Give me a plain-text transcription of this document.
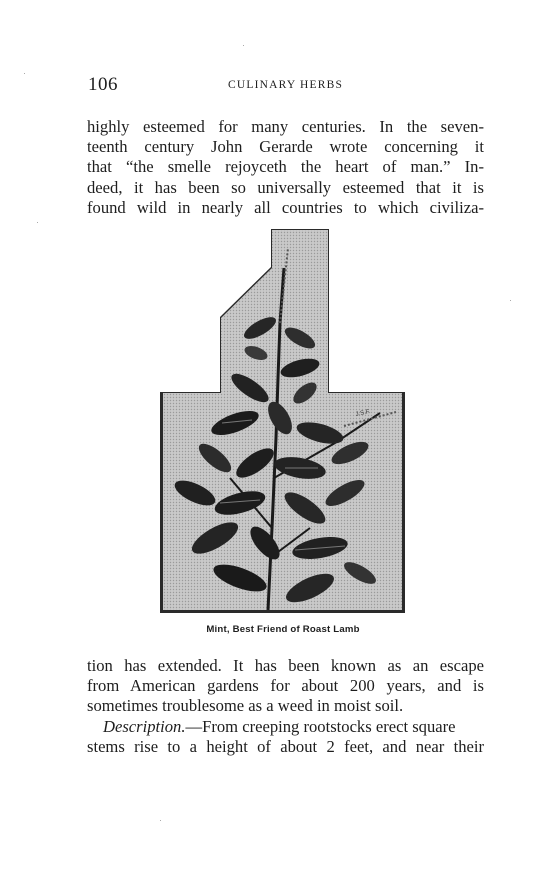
106	CULINARY HERBS
highly esteemed for many centuries. In the seven-
teenth century John Gerarde wrote concerning it
that “the smelle rejoyceth the heart of man.” In-
deed, it has been so universally esteemed that it is
found wild in nearly all countries to which civiliza-
J.S.F.
Mint, Best Friend of Roast Lamb
tion has extended. It has been known as an escape
from American gardens for about 200 years, and is
sometimes troublesome as a weed in moist soil.
Description.—From creeping rootstocks erect square
stems rise to a height of about 2 feet, and near their
